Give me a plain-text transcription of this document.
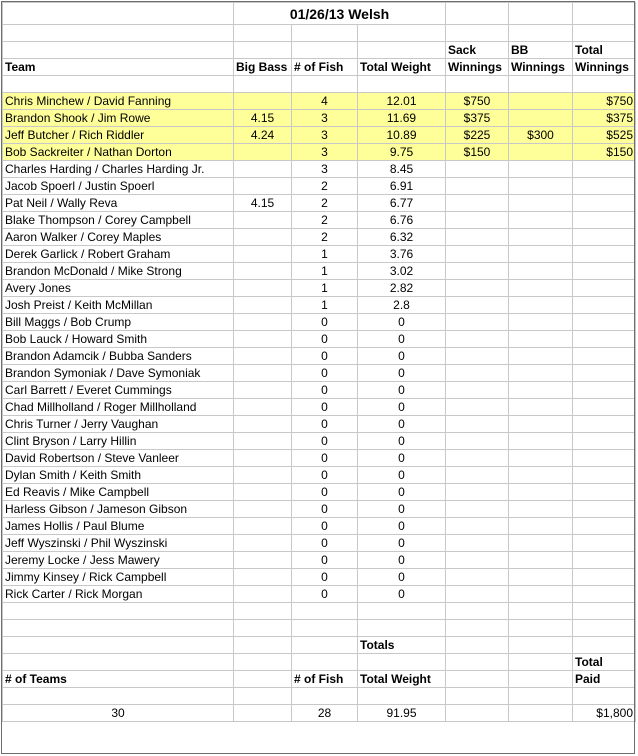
	01/26/13 Welsh					

				Sack	BB	Total
Team	Big Bass	# of Fish	Total Weight	Winnings	Winnings	Winnings

Chris Minchew / David Fanning		4	12.01	$750		$750
Brandon Shook / Jim Rowe	4.15	3	11.69	$375		$375
Jeff Butcher / Rich Riddler	4.24	3	10.89	$225	$300	$525
Bob Sackreiter / Nathan Dorton		3	9.75	$150		$150
Charles Harding / Charles Harding Jr.		3	8.45			
Jacob Spoerl / Justin Spoerl		2	6.91			
Pat Neil / Wally Reva	4.15	2	6.77			
Blake Thompson / Corey Campbell		2	6.76			
Aaron Walker / Corey Maples		2	6.32			
Derek Garlick / Robert Graham		1	3.76			
Brandon McDonald / Mike Strong		1	3.02			
Avery Jones		1	2.82			
Josh Preist / Keith McMillan		1	2.8			
Bill Maggs / Bob Crump		0	0			
Bob Lauck / Howard Smith		0	0			
Brandon Adamcik / Bubba Sanders		0	0			
Brandon Symoniak / Dave Symoniak		0	0			
Carl Barrett / Everet Cummings		0	0			
Chad Millholland / Roger Millholland		0	0			
Chris Turner / Jerry Vaughan		0	0			
Clint Bryson / Larry Hillin		0	0			
David Robertson / Steve Vanleer		0	0			
Dylan Smith / Keith Smith		0	0			
Ed Reavis / Mike Campbell		0	0			
Harless Gibson / Jameson Gibson		0	0			
James Hollis / Paul Blume		0	0			
Jeff Wyszinski / Phil Wyszinski		0	0			
Jeremy Locke / Jess Mawery		0	0			
Jimmy Kinsey / Rick Campbell		0	0			
Rick Carter / Rick Morgan		0	0			

			Totals			
						Total
# of Teams		# of Fish	Total Weight			Paid

30		28	91.95			$1,800
